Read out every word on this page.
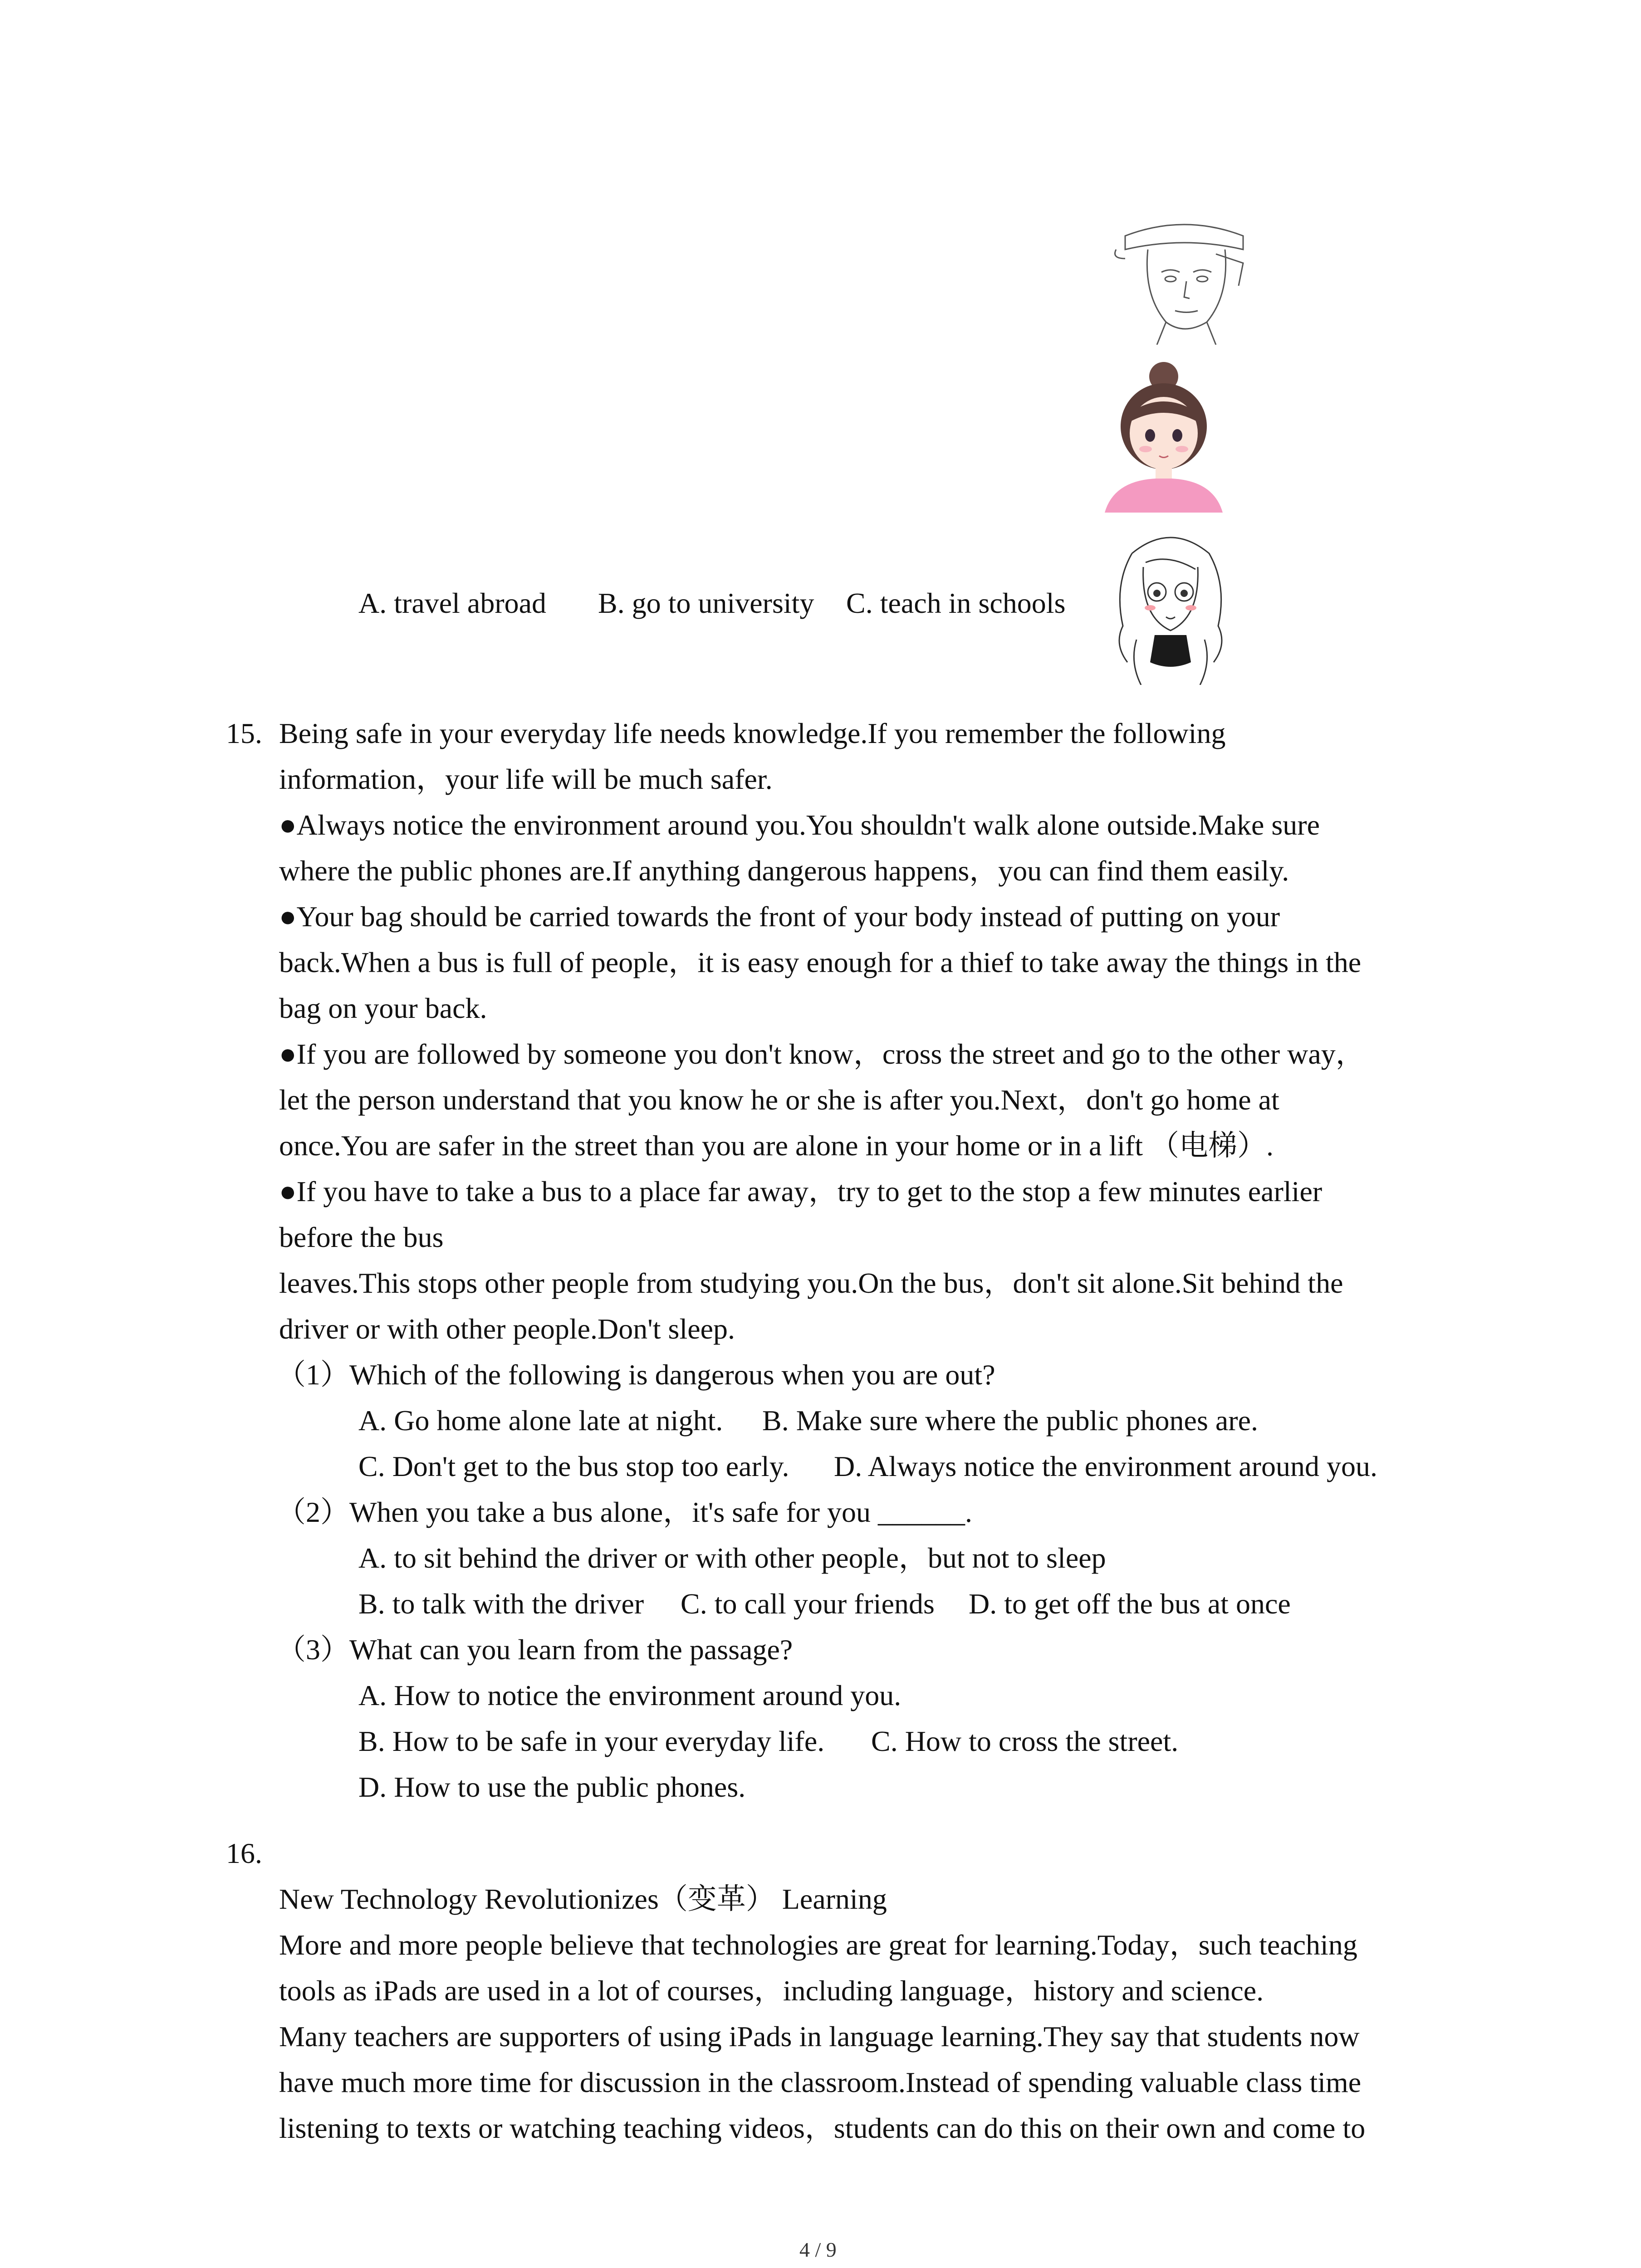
A. travel abroad B. go to university C. teach in schools
15. Being safe in your everyday life needs knowledge.If you remember the following
information，your life will be much safer.
●Always notice the environment around you.You shouldn't walk alone outside.Make sure
where the public phones are.If anything dangerous happens，you can find them easily.
●Your bag should be carried towards the front of your body instead of putting on your
back.When a bus is full of people，it is easy enough for a thief to take away the things in the
bag on your back.
●If you are followed by someone you don't know，cross the street and go to the other way，
let the person understand that you know he or she is after you.Next，don't go home at
once.You are safer in the street than you are alone in your home or in a lift （电梯）.
●If you have to take a bus to a place far away，try to get to the stop a few minutes earlier
before the bus
leaves.This stops other people from studying you.On the bus，don't sit alone.Sit behind the
driver or with other people.Don't sleep.
（1）Which of the following is dangerous when you are out?
A. Go home alone late at night. B. Make sure where the public phones are.
C. Don't get to the bus stop too early. D. Always notice the environment around you.
（2）When you take a bus alone，it's safe for you ______.
A. to sit behind the driver or with other people，but not to sleep
B. to talk with the driver C. to call your friends D. to get off the bus at once
（3）What can you learn from the passage?
A. How to notice the environment around you.
B. How to be safe in your everyday life. C. How to cross the street.
D. How to use the public phones.
16.
New Technology Revolutionizes（变革） Learning
More and more people believe that technologies are great for learning.Today，such teaching
tools as iPads are used in a lot of courses，including language，history and science.
Many teachers are supporters of using iPads in language learning.They say that students now
have much more time for discussion in the classroom.Instead of spending valuable class time
listening to texts or watching teaching videos，students can do this on their own and come to
4 / 9
